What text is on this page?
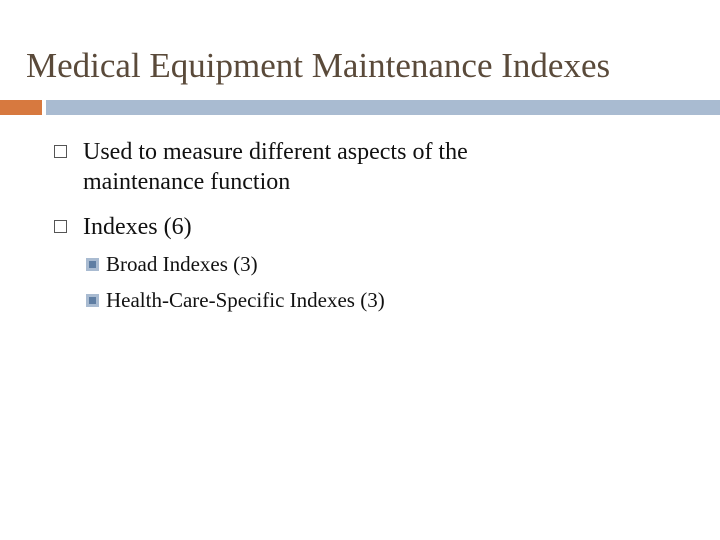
Medical Equipment Maintenance Indexes
Used to measure different aspects of the
maintenance function
Indexes (6)
Broad Indexes (3)
Health-Care-Specific Indexes (3)
